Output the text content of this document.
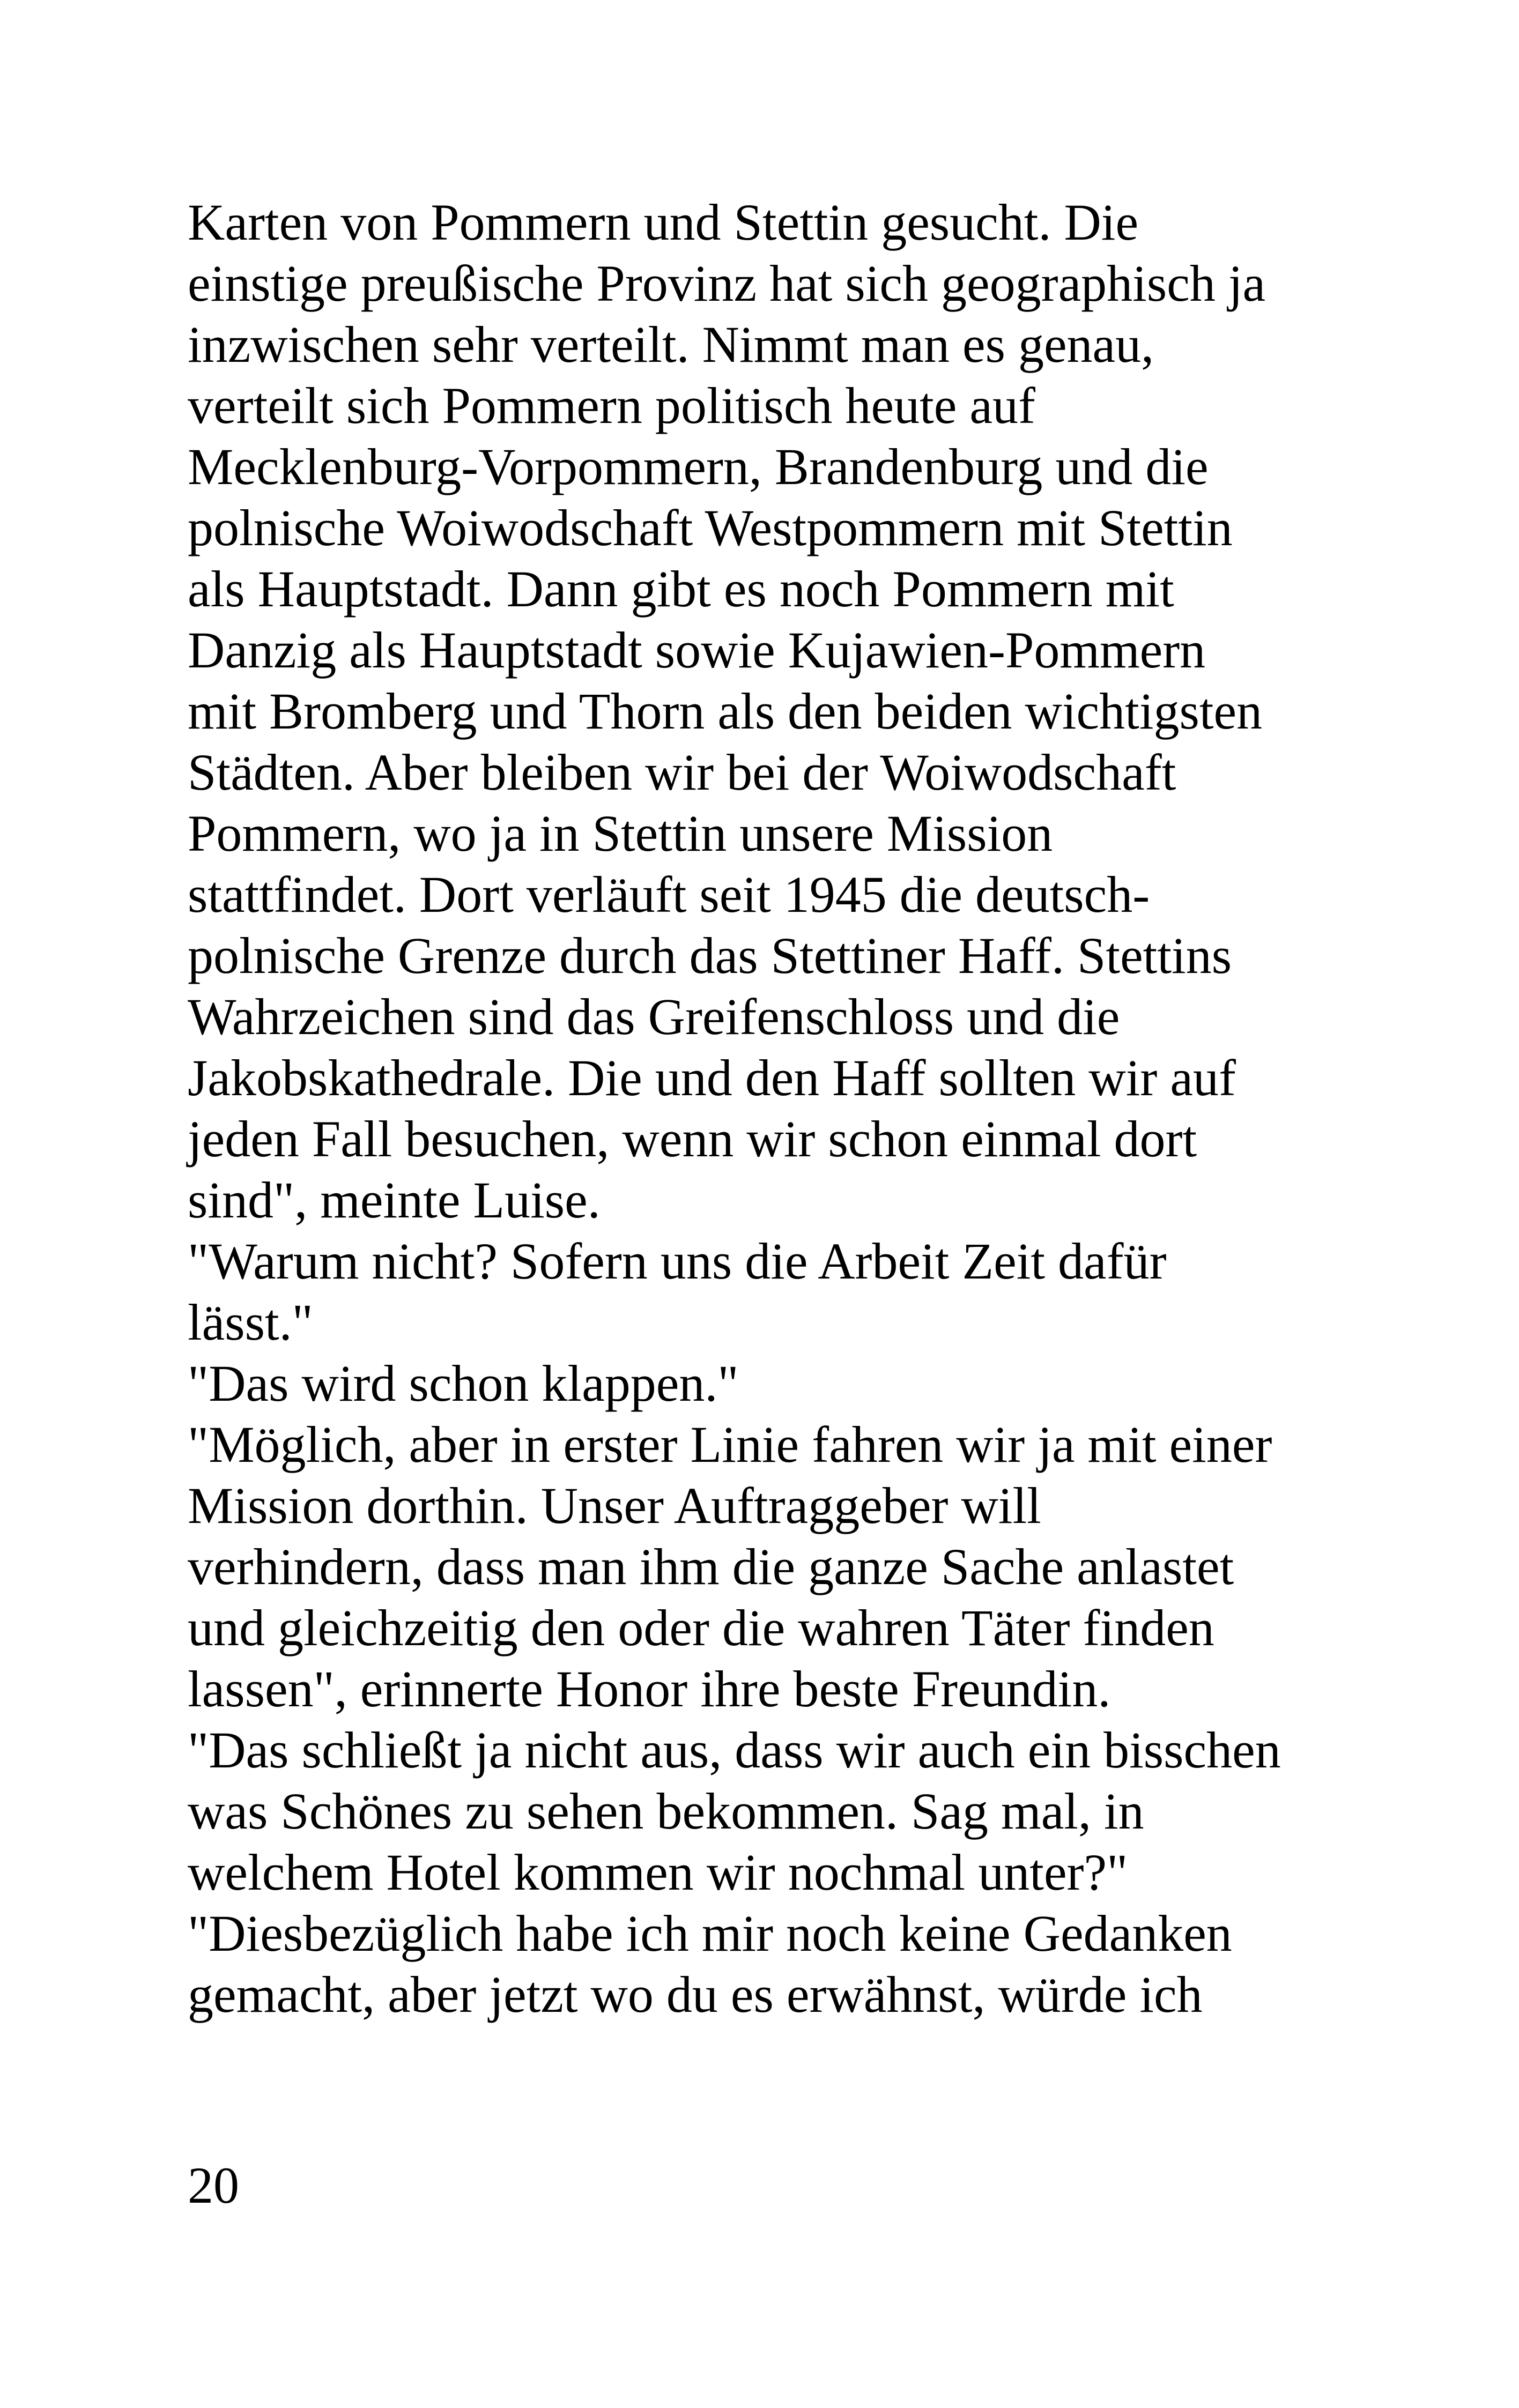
Karten von Pommern und Stettin gesucht. Die
einstige preußische Provinz hat sich geographisch ja
inzwischen sehr verteilt. Nimmt man es genau,
verteilt sich Pommern politisch heute auf
Mecklenburg-Vorpommern, Brandenburg und die
polnische Woiwodschaft Westpommern mit Stettin
als Hauptstadt. Dann gibt es noch Pommern mit
Danzig als Hauptstadt sowie Kujawien-Pommern
mit Bromberg und Thorn als den beiden wichtigsten
Städten. Aber bleiben wir bei der Woiwodschaft
Pommern, wo ja in Stettin unsere Mission
stattfindet. Dort verläuft seit 1945 die deutsch-
polnische Grenze durch das Stettiner Haff. Stettins
Wahrzeichen sind das Greifenschloss und die
Jakobskathedrale. Die und den Haff sollten wir auf
jeden Fall besuchen, wenn wir schon einmal dort
sind", meinte Luise.
"Warum nicht? Sofern uns die Arbeit Zeit dafür
lässt."
"Das wird schon klappen."
"Möglich, aber in erster Linie fahren wir ja mit einer
Mission dorthin. Unser Auftraggeber will
verhindern, dass man ihm die ganze Sache anlastet
und gleichzeitig den oder die wahren Täter finden
lassen", erinnerte Honor ihre beste Freundin.
"Das schließt ja nicht aus, dass wir auch ein bisschen
was Schönes zu sehen bekommen. Sag mal, in
welchem Hotel kommen wir nochmal unter?"
"Diesbezüglich habe ich mir noch keine Gedanken
gemacht, aber jetzt wo du es erwähnst, würde ich
20
